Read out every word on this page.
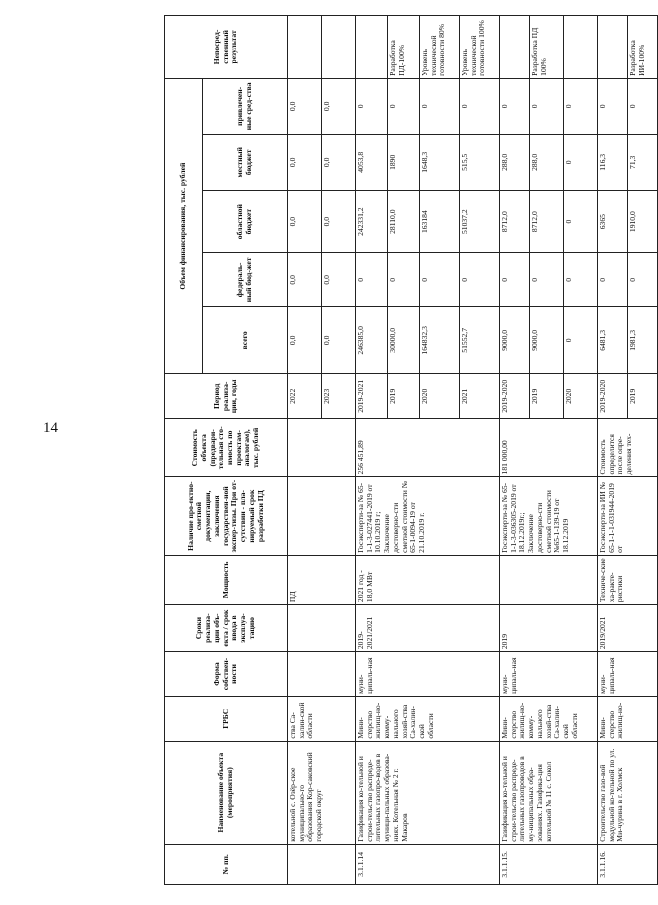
14
№ пп.	Наименование объекта (мероприятия)	ГРБС	Форма собствен-ности	Сроки реализа-ции объ-екта / срок ввода в эксплуа-тацию	Мощность	Наличие про-ектно-сметной документации, заключения государствен-ной экспер-тизы. При от-сутствии - пла-нируемый срок разработки ПД	Стоимость объекта (предвари-тельная сто-имость по проектам-аналогам), тыс. рублей	Период реализа-ции, годы	Объем финансирования, тыс. рублей					Непосред-ственный результат
									всего	федераль-ный бюд-жет	областной бюджет	местный бюджет	привлечен-ные сред-ства	
	котельной с. Озёр-ское муниципально-го образования Кор-саковский городской округ	ства Са-халин-ской области			ПД			2022	0,0	0,0	0,0	0,0	0,0	
								2023	0,0	0,0	0,0	0,0	0,0	
3.1.1.14	Газификация ко-тельной и строи-тельство распреде-лительных газопро-водов в муници-пальных образова-ниях. Котельная № 2 г. Макаров	Мини-стерство жилищ-но-комму-нального хозяй-ства Са-халин-ской области	муни-ципаль-ная	2019-2021/2021	2021 год - 18,0 МВт	Госэксперти-за № 65-1-1-3-027441-2019 от 10.10.2019 г; Заключение достоверно-сти сметной стоимости № 65-1-0094-19 от 21.10.2019 г.	256 451,89	2019-2021	246385,0	0	242331,2	4053,8	0	
								2019	30000,0	0	28110,0	1890	0	Разработка ПД-100%
								2020	164832,3	0	163184	1648,3	0	Уровень технической готовности 80%
								2021	51552,7	0	51037,2	515,5	0	Уровень технической готовности 100%
3.1.1.15.	Газификация ко-тельной и строи-тельство распреде-лительных газопроводов в му-ниципальных обра-зованиях. Газифика-ция котельной № 11 с. Сокол	Мини-стерство жилищ-но-комму-нального хозяй-ства Са-халин-ской области	муни-ципаль-ная	2019		Госэксперти-за № 65-1-1-3-036305-2019 от 18.12.2019г.; Заключение достоверно-сти сметной стоимости №65-1-139-19 от 18.12.2019	181 000,00	2019-2020	9000,0	0	8712,0	288,0	0	
								2019	9000,0	0	8712,0	288,0	0	Разработка ПД 100%
								2020	0	0	0	0	0	
3.1.1.16.	Строительство газо-вой модульной ко-тельной по ул. Ми-чурина в г. Холмск	Мини-стерство жилищ-но-	муни-ципаль-ная	2019/2021	Техниче-ские ха-ракте-ристики	Госэксперти-за ИИ № 65-1-1-1-031944-2019 от	Стоимость определится после опре-деления тех-	2019-2020	6481,3	0	6365	116,3	0	
								2019	1981,3	0	1910,0	71,3	0	Разработка ИИ-100%
